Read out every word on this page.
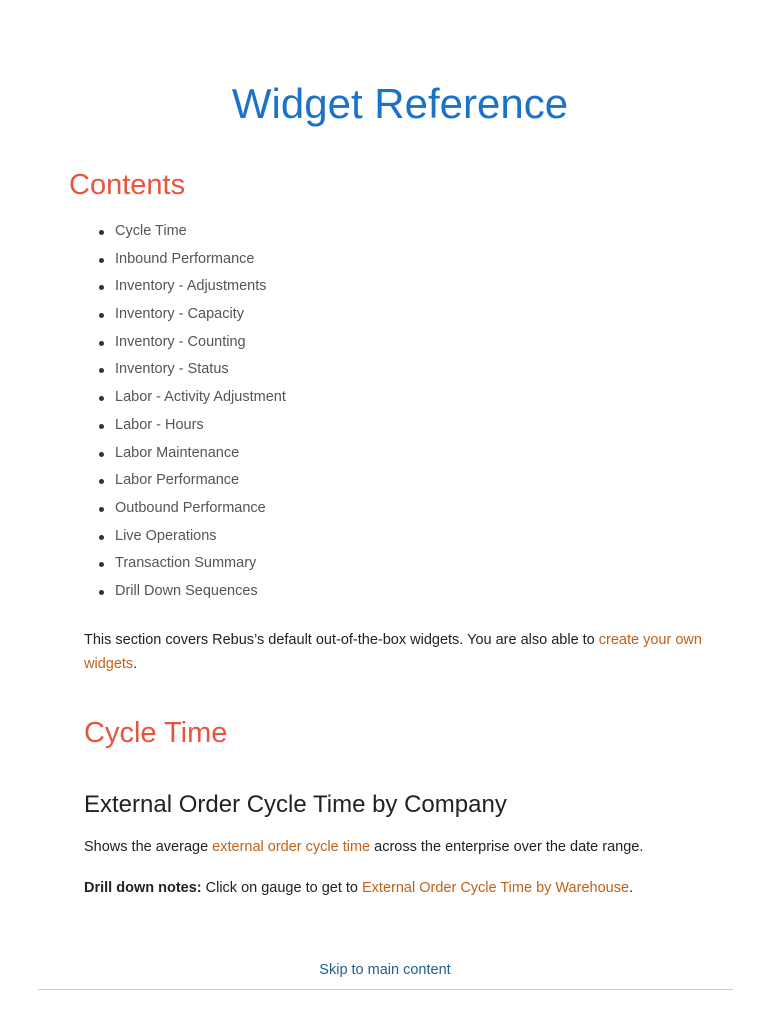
Widget Reference
Contents
Cycle Time
Inbound Performance
Inventory - Adjustments
Inventory - Capacity
Inventory - Counting
Inventory - Status
Labor - Activity Adjustment
Labor - Hours
Labor Maintenance
Labor Performance
Outbound Performance
Live Operations
Transaction Summary
Drill Down Sequences

This section covers Rebus’s default out-of-the-box widgets. You are also able to create your own widgets.

Cycle Time
External Order Cycle Time by Company

Shows the average external order cycle time across the enterprise over the date range.

Drill down notes: Click on gauge to get to External Order Cycle Time by Warehouse.

Skip to main content
